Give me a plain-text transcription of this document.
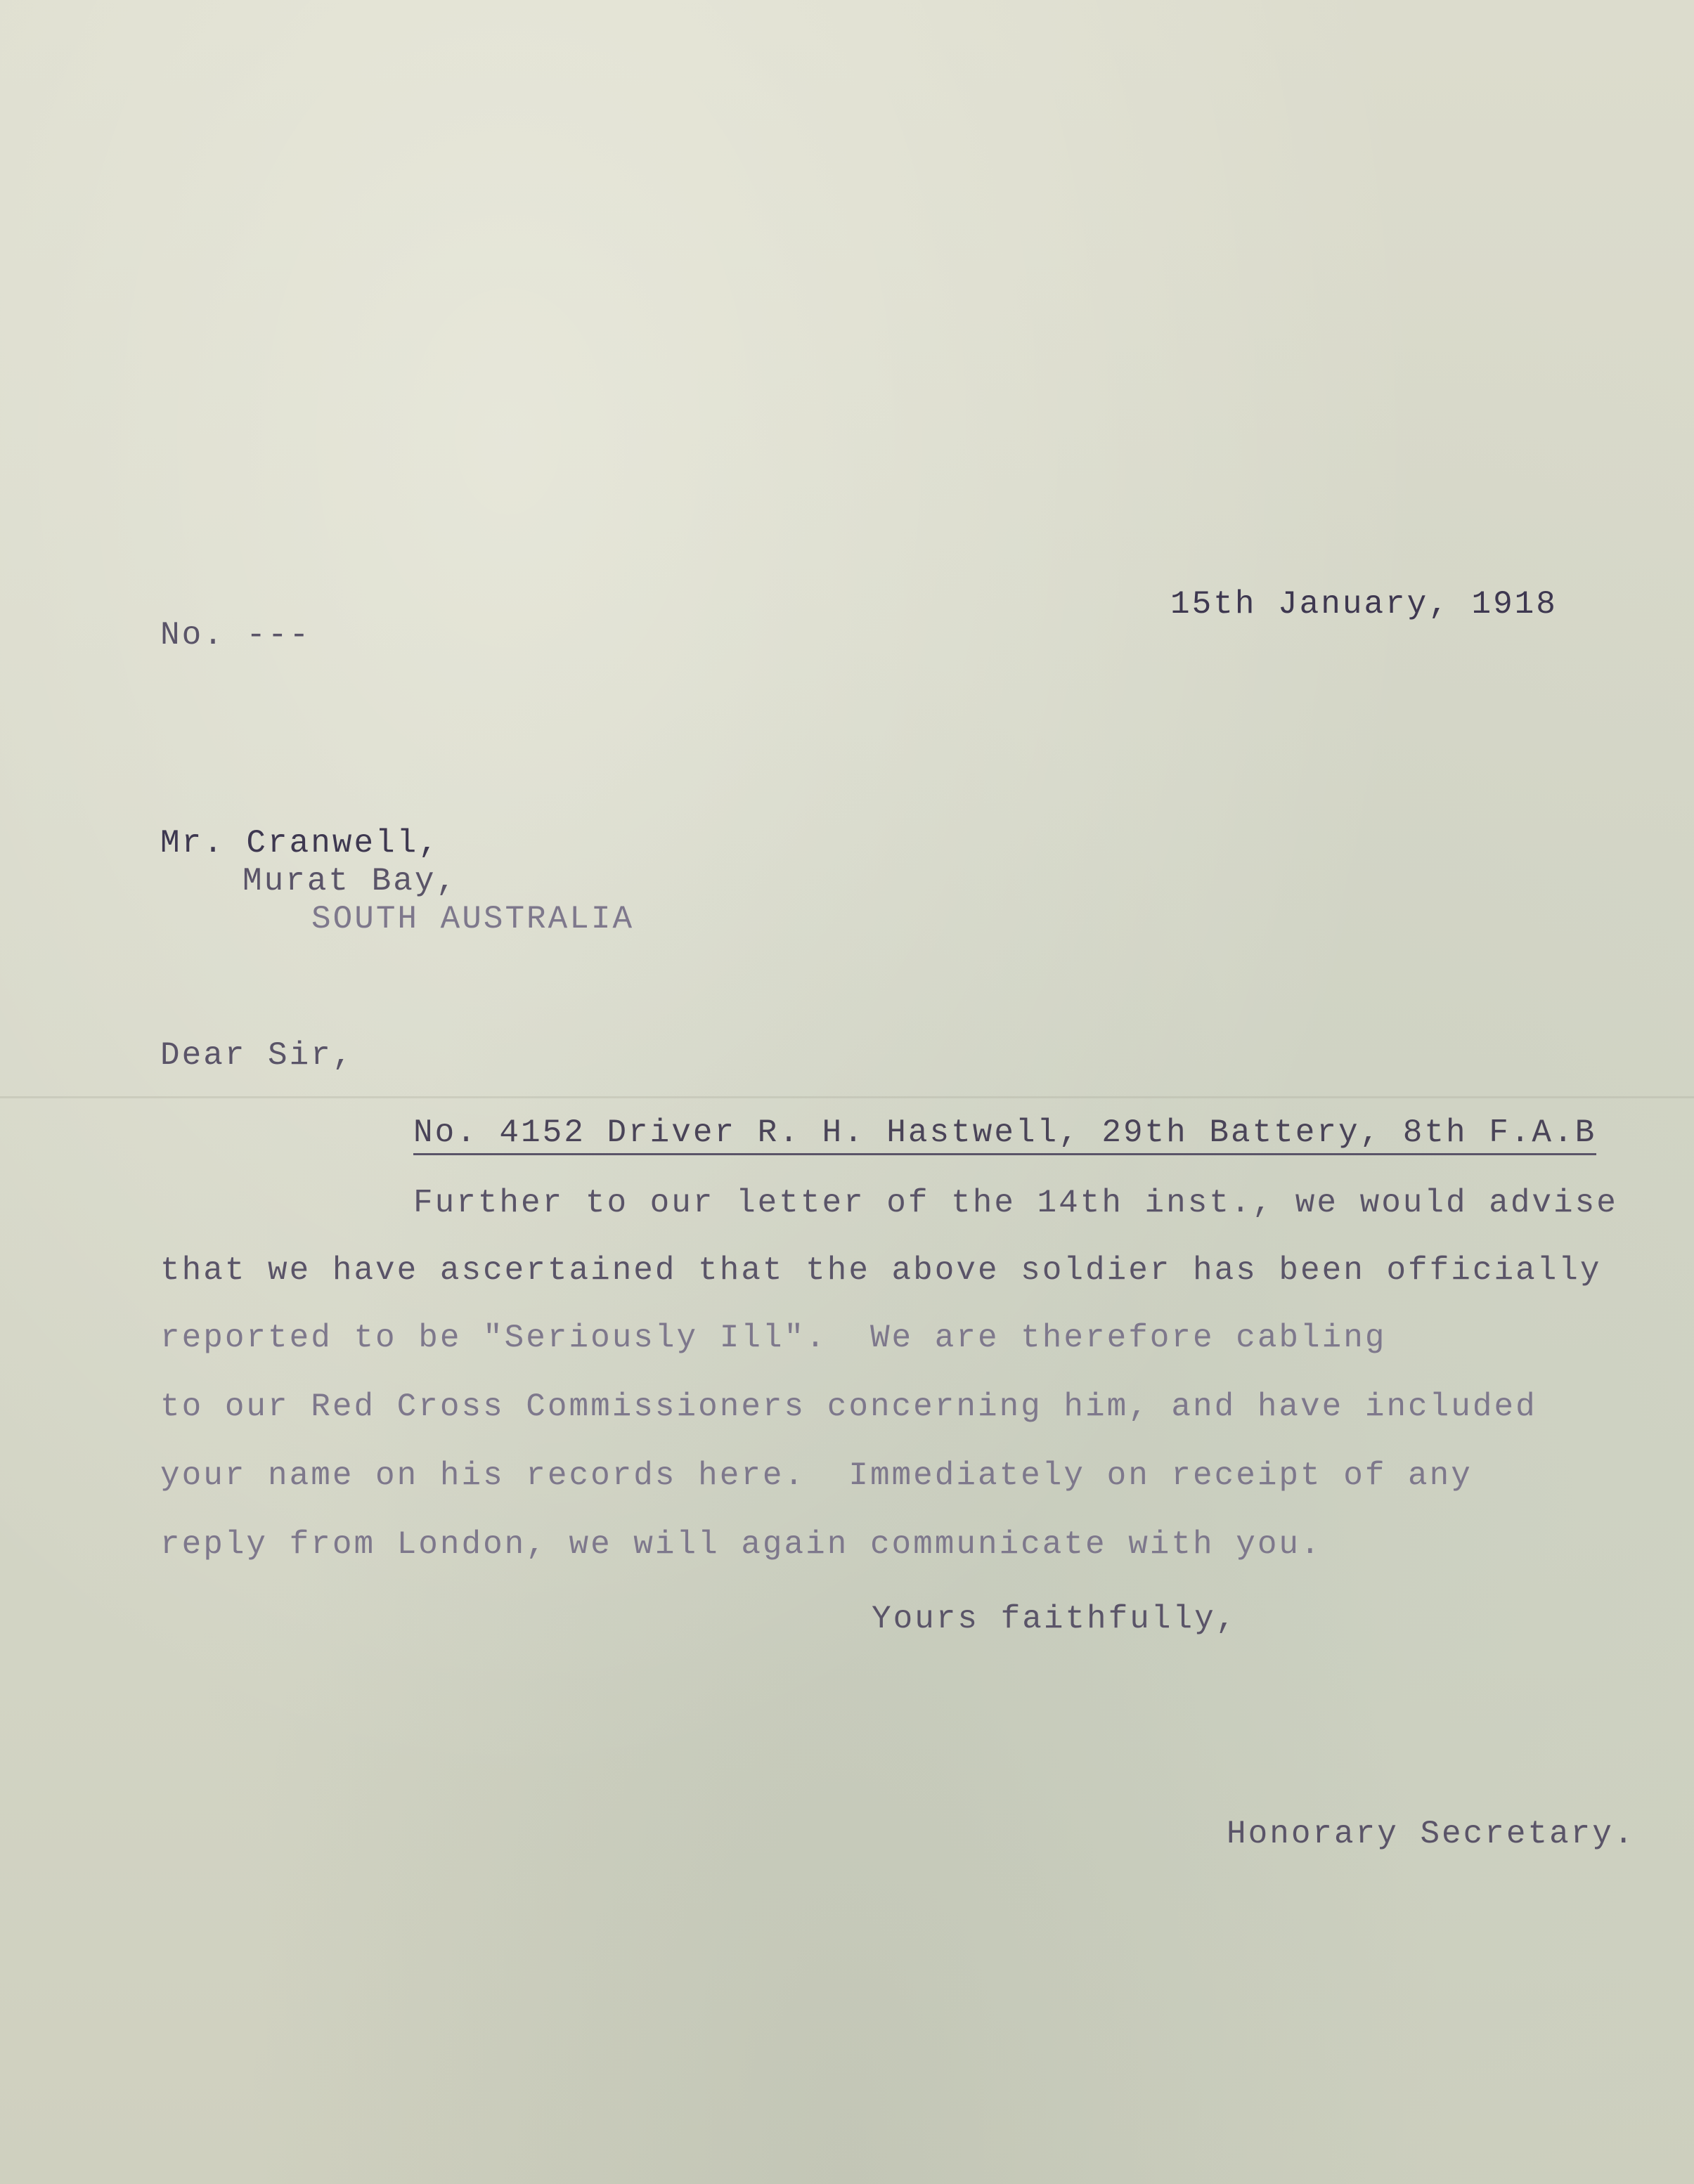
15th January, 1918
No. ---
Mr. Cranwell,
Murat Bay,
SOUTH AUSTRALIA
Dear Sir,
No. 4152 Driver R. H. Hastwell, 29th Battery, 8th F.A.B
Further to our letter of the 14th inst., we would advise
that we have ascertained that the above soldier has been officially
reported to be "Seriously Ill".  We are therefore cabling
to our Red Cross Commissioners concerning him, and have included
your name on his records here.  Immediately on receipt of any
reply from London, we will again communicate with you.
Yours faithfully,
Honorary Secretary.
